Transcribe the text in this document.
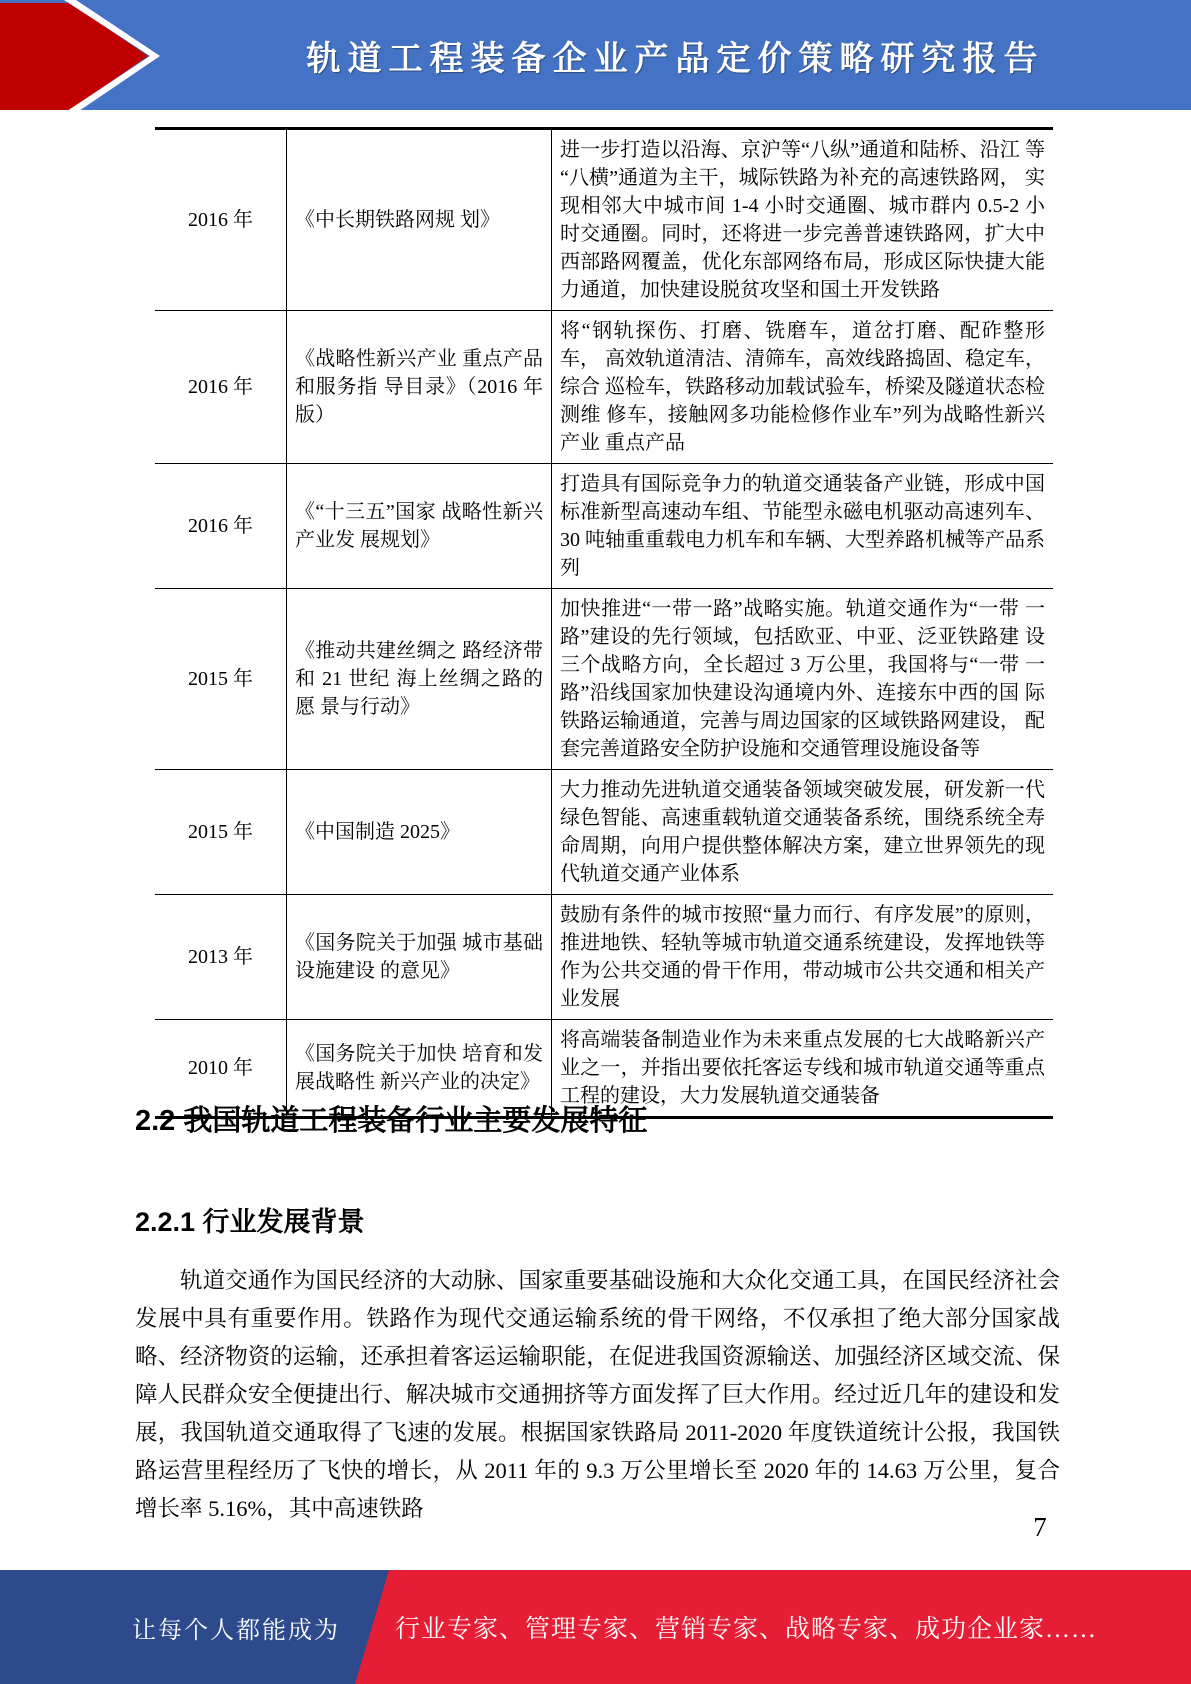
轨道工程装备企业产品定价策略研究报告
2016 年	《中长期铁路网规 划》	进一步打造以沿海、京沪等“八纵”通道和陆桥、沿江 等“八横”通道为主干，城际铁路为补充的高速铁路网， 实现相邻大中城市间 1-4 小时交通圈、城市群内 0.5-2 小 时交通圈。同时，还将进一步完善普速铁路网，扩大中 西部路网覆盖，优化东部网络布局，形成区际快捷大能 力通道，加快建设脱贫攻坚和国土开发铁路
2016 年	《战略性新兴产业 重点产品和服务指 导目录》（2016 年版）	将“钢轨探伤、打磨、铣磨车，道岔打磨、配砟整形车， 高效轨道清洁、清筛车，高效线路捣固、稳定车，综合 巡检车，铁路移动加载试验车，桥梁及隧道状态检测维 修车，接触网多功能检修作业车”列为战略性新兴产业 重点产品
2016 年	《“十三五”国家 战略性新兴产业发 展规划》	打造具有国际竞争力的轨道交通装备产业链，形成中国 标准新型高速动车组、节能型永磁电机驱动高速列车、 30 吨轴重重载电力机车和车辆、大型养路机械等产品系 列
2015 年	《推动共建丝绸之 路经济带和 21 世纪 海上丝绸之路的愿 景与行动》	加快推进“一带一路”战略实施。轨道交通作为“一带 一路”建设的先行领域，包括欧亚、中亚、泛亚铁路建 设三个战略方向，全长超过 3 万公里，我国将与“一带 一路”沿线国家加快建设沟通境内外、连接东中西的国 际铁路运输通道，完善与周边国家的区域铁路网建设， 配套完善道路安全防护设施和交通管理设施设备等
2015 年	《中国制造 2025》	大力推动先进轨道交通装备领域突破发展，研发新一代 绿色智能、高速重载轨道交通装备系统，围绕系统全寿 命周期，向用户提供整体解决方案，建立世界领先的现 代轨道交通产业体系
2013 年	《国务院关于加强 城市基础设施建设 的意见》	鼓励有条件的城市按照“量力而行、有序发展”的原则， 推进地铁、轻轨等城市轨道交通系统建设，发挥地铁等 作为公共交通的骨干作用，带动城市公共交通和相关产 业发展
2010 年	《国务院关于加快 培育和发展战略性 新兴产业的决定》	将高端装备制造业作为未来重点发展的七大战略新兴产 业之一，并指出要依托客运专线和城市轨道交通等重点 工程的建设，大力发展轨道交通装备
2.2 我国轨道工程装备行业主要发展特征
2.2.1 行业发展背景
轨道交通作为国民经济的大动脉、国家重要基础设施和大众化交通工具，在国民经济社会发展中具有重要作用。铁路作为现代交通运输系统的骨干网络，不仅承担了绝大部分国家战略、经济物资的运输，还承担着客运运输职能，在促进我国资源输送、加强经济区域交流、保障人民群众安全便捷出行、解决城市交通拥挤等方面发挥了巨大作用。经过近几年的建设和发展，我国轨道交通取得了飞速的发展。根据国家铁路局 2011-2020 年度铁道统计公报，我国铁路运营里程经历了飞快的增长，从 2011 年的 9.3 万公里增长至 2020 年的 14.63 万公里，复合增长率 5.16%，其中高速铁路
7
让每个人都能成为 行业专家、管理专家、营销专家、战略专家、成功企业家……
